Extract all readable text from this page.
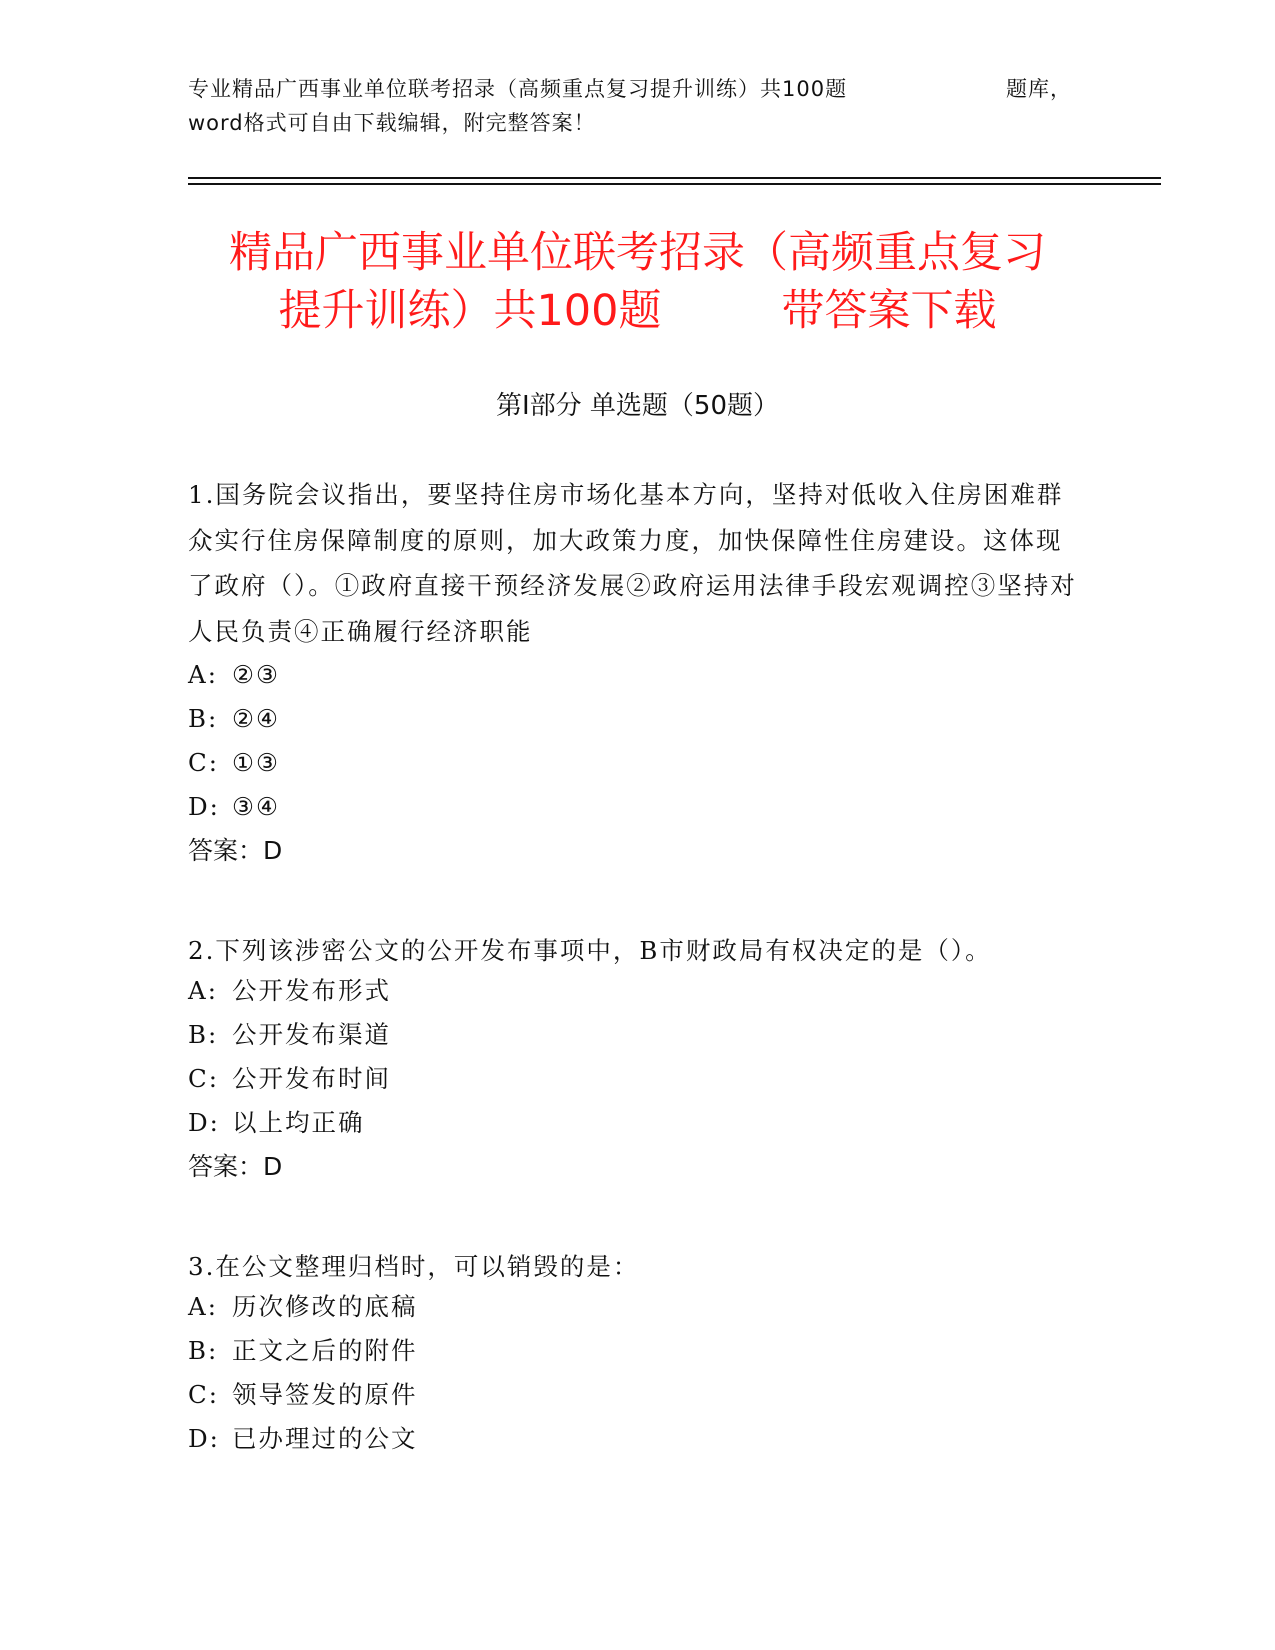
专业精品广西事业单位联考招录（高频重点复习提升训练）共100题	题库，
word格式可自由下载编辑，附完整答案！
精品广西事业单位联考招录（高频重点复习
提升训练）共100题	带答案下载
第Ⅰ部分 单选题（50题）
1.国务院会议指出，要坚持住房市场化基本方向，坚持对低收入住房困难群众实行住房保障制度的原则，加大政策力度，加快保障性住房建设。这体现了政府（）。①政府直接干预经济发展②政府运用法律手段宏观调控③坚持对人民负责④正确履行经济职能
A: ②③
B: ②④
C: ①③
D: ③④
答案：D
2.下列该涉密公文的公开发布事项中，B市财政局有权决定的是（）。
A: 公开发布形式
B: 公开发布渠道
C: 公开发布时间
D: 以上均正确
答案：D
3.在公文整理归档时，可以销毁的是：
A: 历次修改的底稿
B: 正文之后的附件
C: 领导签发的原件
D: 已办理过的公文
